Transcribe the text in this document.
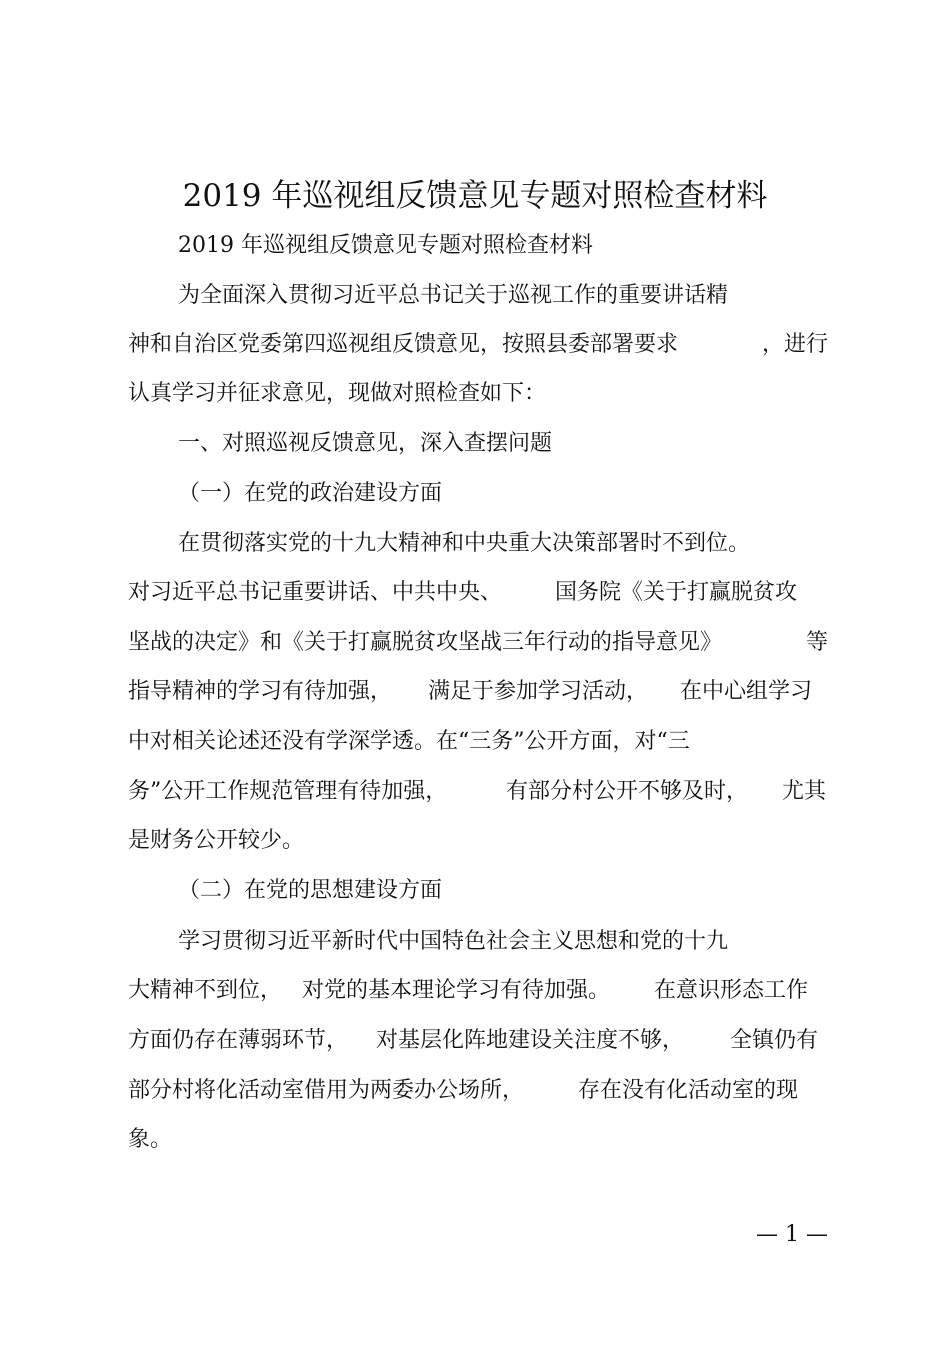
2019 年巡视组反馈意见专题对照检查材料
2019 年巡视组反馈意见专题对照检查材料
为全面深入贯彻习近平总书记关于巡视工作的重要讲话精
神和自治区党委第四巡视组反馈意见，按照县委部署要求	，进行
认真学习并征求意见，现做对照检查如下：
一、对照巡视反馈意见，深入查摆问题
（一）在党的政治建设方面
在贯彻落实党的十九大精神和中央重大决策部署时不到位。
对习近平总书记重要讲话、中共中央、 国务院《关于打赢脱贫攻
坚战的决定》和《关于打赢脱贫攻坚战三年行动的指导意见》	等
指导精神的学习有待加强， 满足于参加学习活动， 在中心组学习
中对相关论述还没有学深学透。在“三务”公开方面，对“三
务”公开工作规范管理有待加强，	有部分村公开不够及时， 尤其
是财务公开较少。
（二）在党的思想建设方面
学习贯彻习近平新时代中国特色社会主义思想和党的十九
大精神不到位， 对党的基本理论学习有待加强。 在意识形态工作
方面仍存在薄弱环节， 对基层化阵地建设关注度不够， 全镇仍有
部分村将化活动室借用为两委办公场所， 存在没有化活动室的现
象。
— 1 —
